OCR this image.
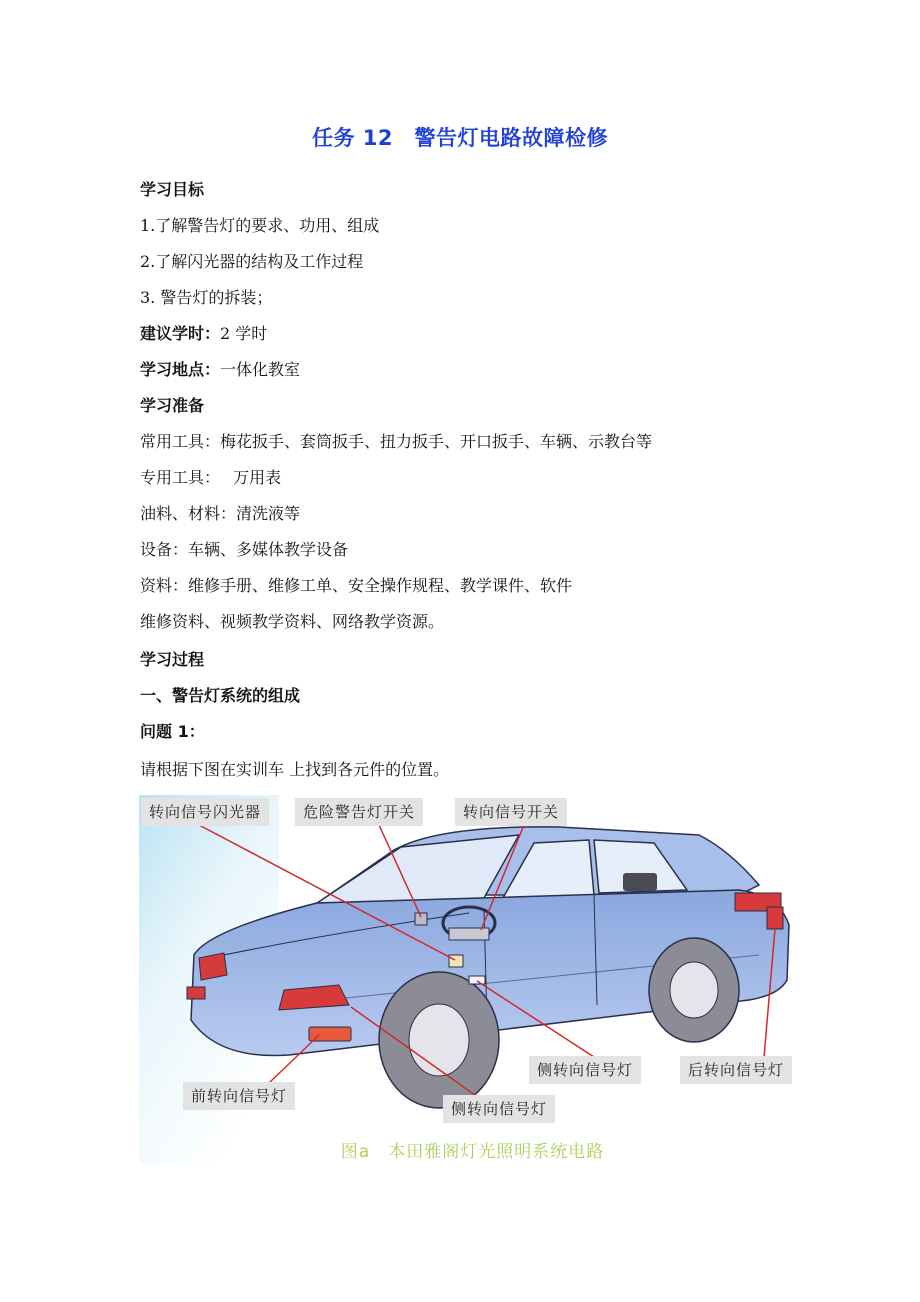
任务 12　警告灯电路故障检修
学习目标
1.了解警告灯的要求、功用、组成
2.了解闪光器的结构及工作过程
3. 警告灯的拆装；
建议学时：2 学时
学习地点：一体化教室
学习准备
常用工具：梅花扳手、套筒扳手、扭力扳手、开口扳手、车辆、示教台等
专用工具：　 万用表
油料、材料：清洗液等
设备：车辆、多媒体教学设备
资料：维修手册、维修工单、安全操作规程、教学课件、软件
维修资料、视频教学资料、网络教学资源。
学习过程
一、警告灯系统的组成
问题 1：
请根据下图在实训车 上找到各元件的位置。
转向信号闪光器	危险警告灯开关	转向信号开关
侧转向信号灯	后转向信号灯
前转向信号灯
侧转向信号灯
图a　本田雅阁灯光照明系统电路
